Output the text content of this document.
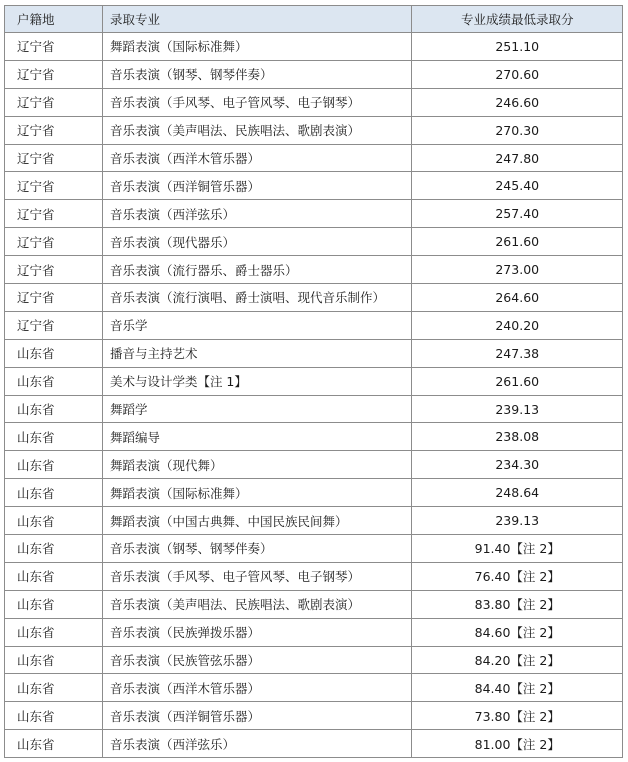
户籍地	录取专业	专业成绩最低录取分
辽宁省	舞蹈表演（国际标准舞）	251.10
辽宁省	音乐表演（钢琴、钢琴伴奏）	270.60
辽宁省	音乐表演（手风琴、电子管风琴、电子钢琴）	246.60
辽宁省	音乐表演（美声唱法、民族唱法、歌剧表演）	270.30
辽宁省	音乐表演（西洋木管乐器）	247.80
辽宁省	音乐表演（西洋铜管乐器）	245.40
辽宁省	音乐表演（西洋弦乐）	257.40
辽宁省	音乐表演（现代器乐）	261.60
辽宁省	音乐表演（流行器乐、爵士器乐）	273.00
辽宁省	音乐表演（流行演唱、爵士演唱、现代音乐制作）	264.60
辽宁省	音乐学	240.20
山东省	播音与主持艺术	247.38
山东省	美术与设计学类【注 1】	261.60
山东省	舞蹈学	239.13
山东省	舞蹈编导	238.08
山东省	舞蹈表演（现代舞）	234.30
山东省	舞蹈表演（国际标准舞）	248.64
山东省	舞蹈表演（中国古典舞、中国民族民间舞）	239.13
山东省	音乐表演（钢琴、钢琴伴奏）	91.40【注 2】
山东省	音乐表演（手风琴、电子管风琴、电子钢琴）	76.40【注 2】
山东省	音乐表演（美声唱法、民族唱法、歌剧表演）	83.80【注 2】
山东省	音乐表演（民族弹拨乐器）	84.60【注 2】
山东省	音乐表演（民族管弦乐器）	84.20【注 2】
山东省	音乐表演（西洋木管乐器）	84.40【注 2】
山东省	音乐表演（西洋铜管乐器）	73.80【注 2】
山东省	音乐表演（西洋弦乐）	81.00【注 2】
